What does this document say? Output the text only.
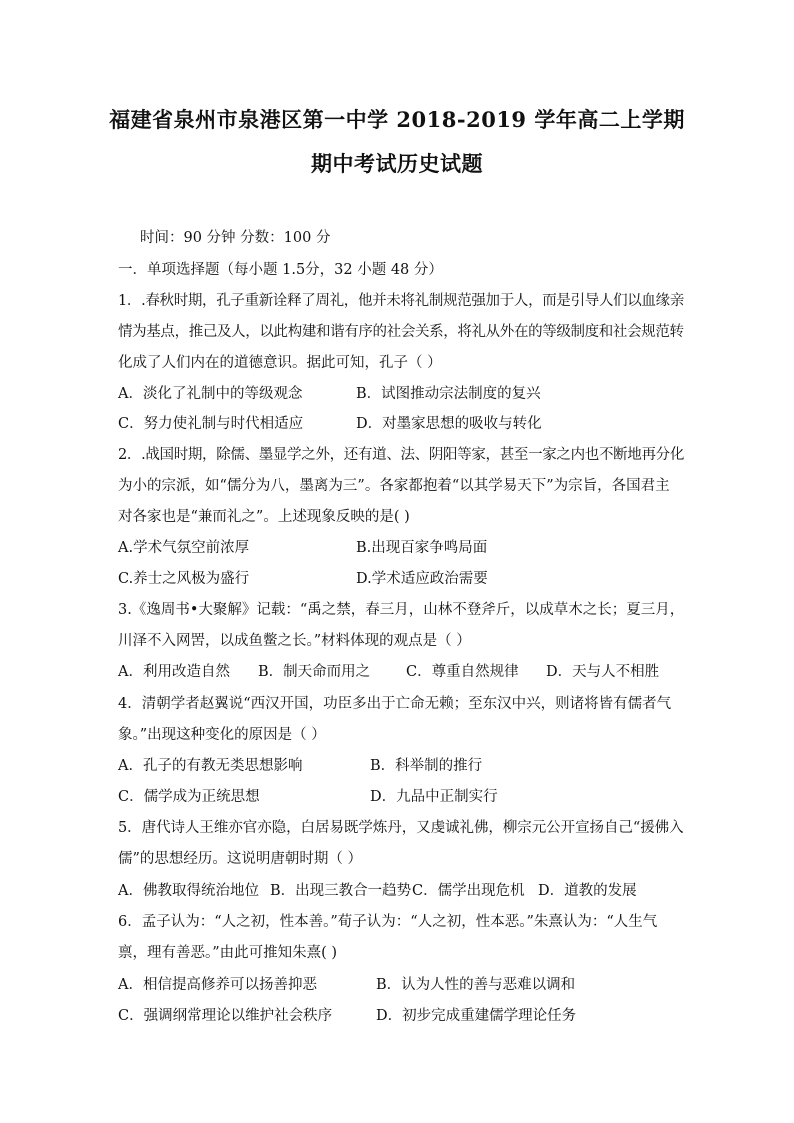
福建省泉州市泉港区第一中学 2018-2019 学年高二上学期
期中考试历史试题
时间：90 分钟 分数：100 分
一．单项选择题（每小题 1.5分，32 小题 48 分）
1．.春秋时期，孔子重新诠释了周礼，他并未将礼制规范强加于人，而是引导人们以血缘亲
情为基点，推己及人，以此构建和谐有序的社会关系，将礼从外在的等级制度和社会规范转
化成了人们内在的道德意识。据此可知，孔子（ ）
A．淡化了礼制中的等级观念	B．试图推动宗法制度的复兴
C．努力使礼制与时代相适应	D．对墨家思想的吸收与转化
2．.战国时期，除儒、墨显学之外，还有道、法、阴阳等家，甚至一家之内也不断地再分化
为小的宗派，如“儒分为八，墨离为三”。各家都抱着“以其学易天下”为宗旨，各国君主
对各家也是“兼而礼之”。上述现象反映的是( )
A.学术气氛空前浓厚	B.出现百家争鸣局面
C.养士之风极为盛行	D.学术适应政治需要
3.《逸周书•大聚解》记载：“禹之禁，春三月，山林不登斧斤，以成草木之长；夏三月，
川泽不入网罟，以成鱼鳖之长。”材料体现的观点是（ ）
A．利用改造自然 B．制天命而用之 C．尊重自然规律 D．天与人不相胜
4．清朝学者赵翼说“西汉开国，功臣多出于亡命无赖；至东汉中兴，则诸将皆有儒者气
象。”出现这种变化的原因是（ ）
A．孔子的有教无类思想影响	B．科举制的推行
C．儒学成为正统思想	D．九品中正制实行
5．唐代诗人王维亦官亦隐，白居易既学炼丹，又虔诚礼佛，柳宗元公开宣扬自己“援佛入
儒”的思想经历。这说明唐朝时期（ ）
A．佛教取得统治地位 B．出现三教合一趋势 C．儒学出现危机 D．道教的发展
6．孟子认为：“人之初，性本善。”荀子认为：“人之初，性本恶。”朱熹认为：“人生气
禀，理有善恶。”由此可推知朱熹( )
A．相信提高修养可以扬善抑恶	B．认为人性的善与恶难以调和
C．强调纲常理论以维护社会秩序	D．初步完成重建儒学理论任务
